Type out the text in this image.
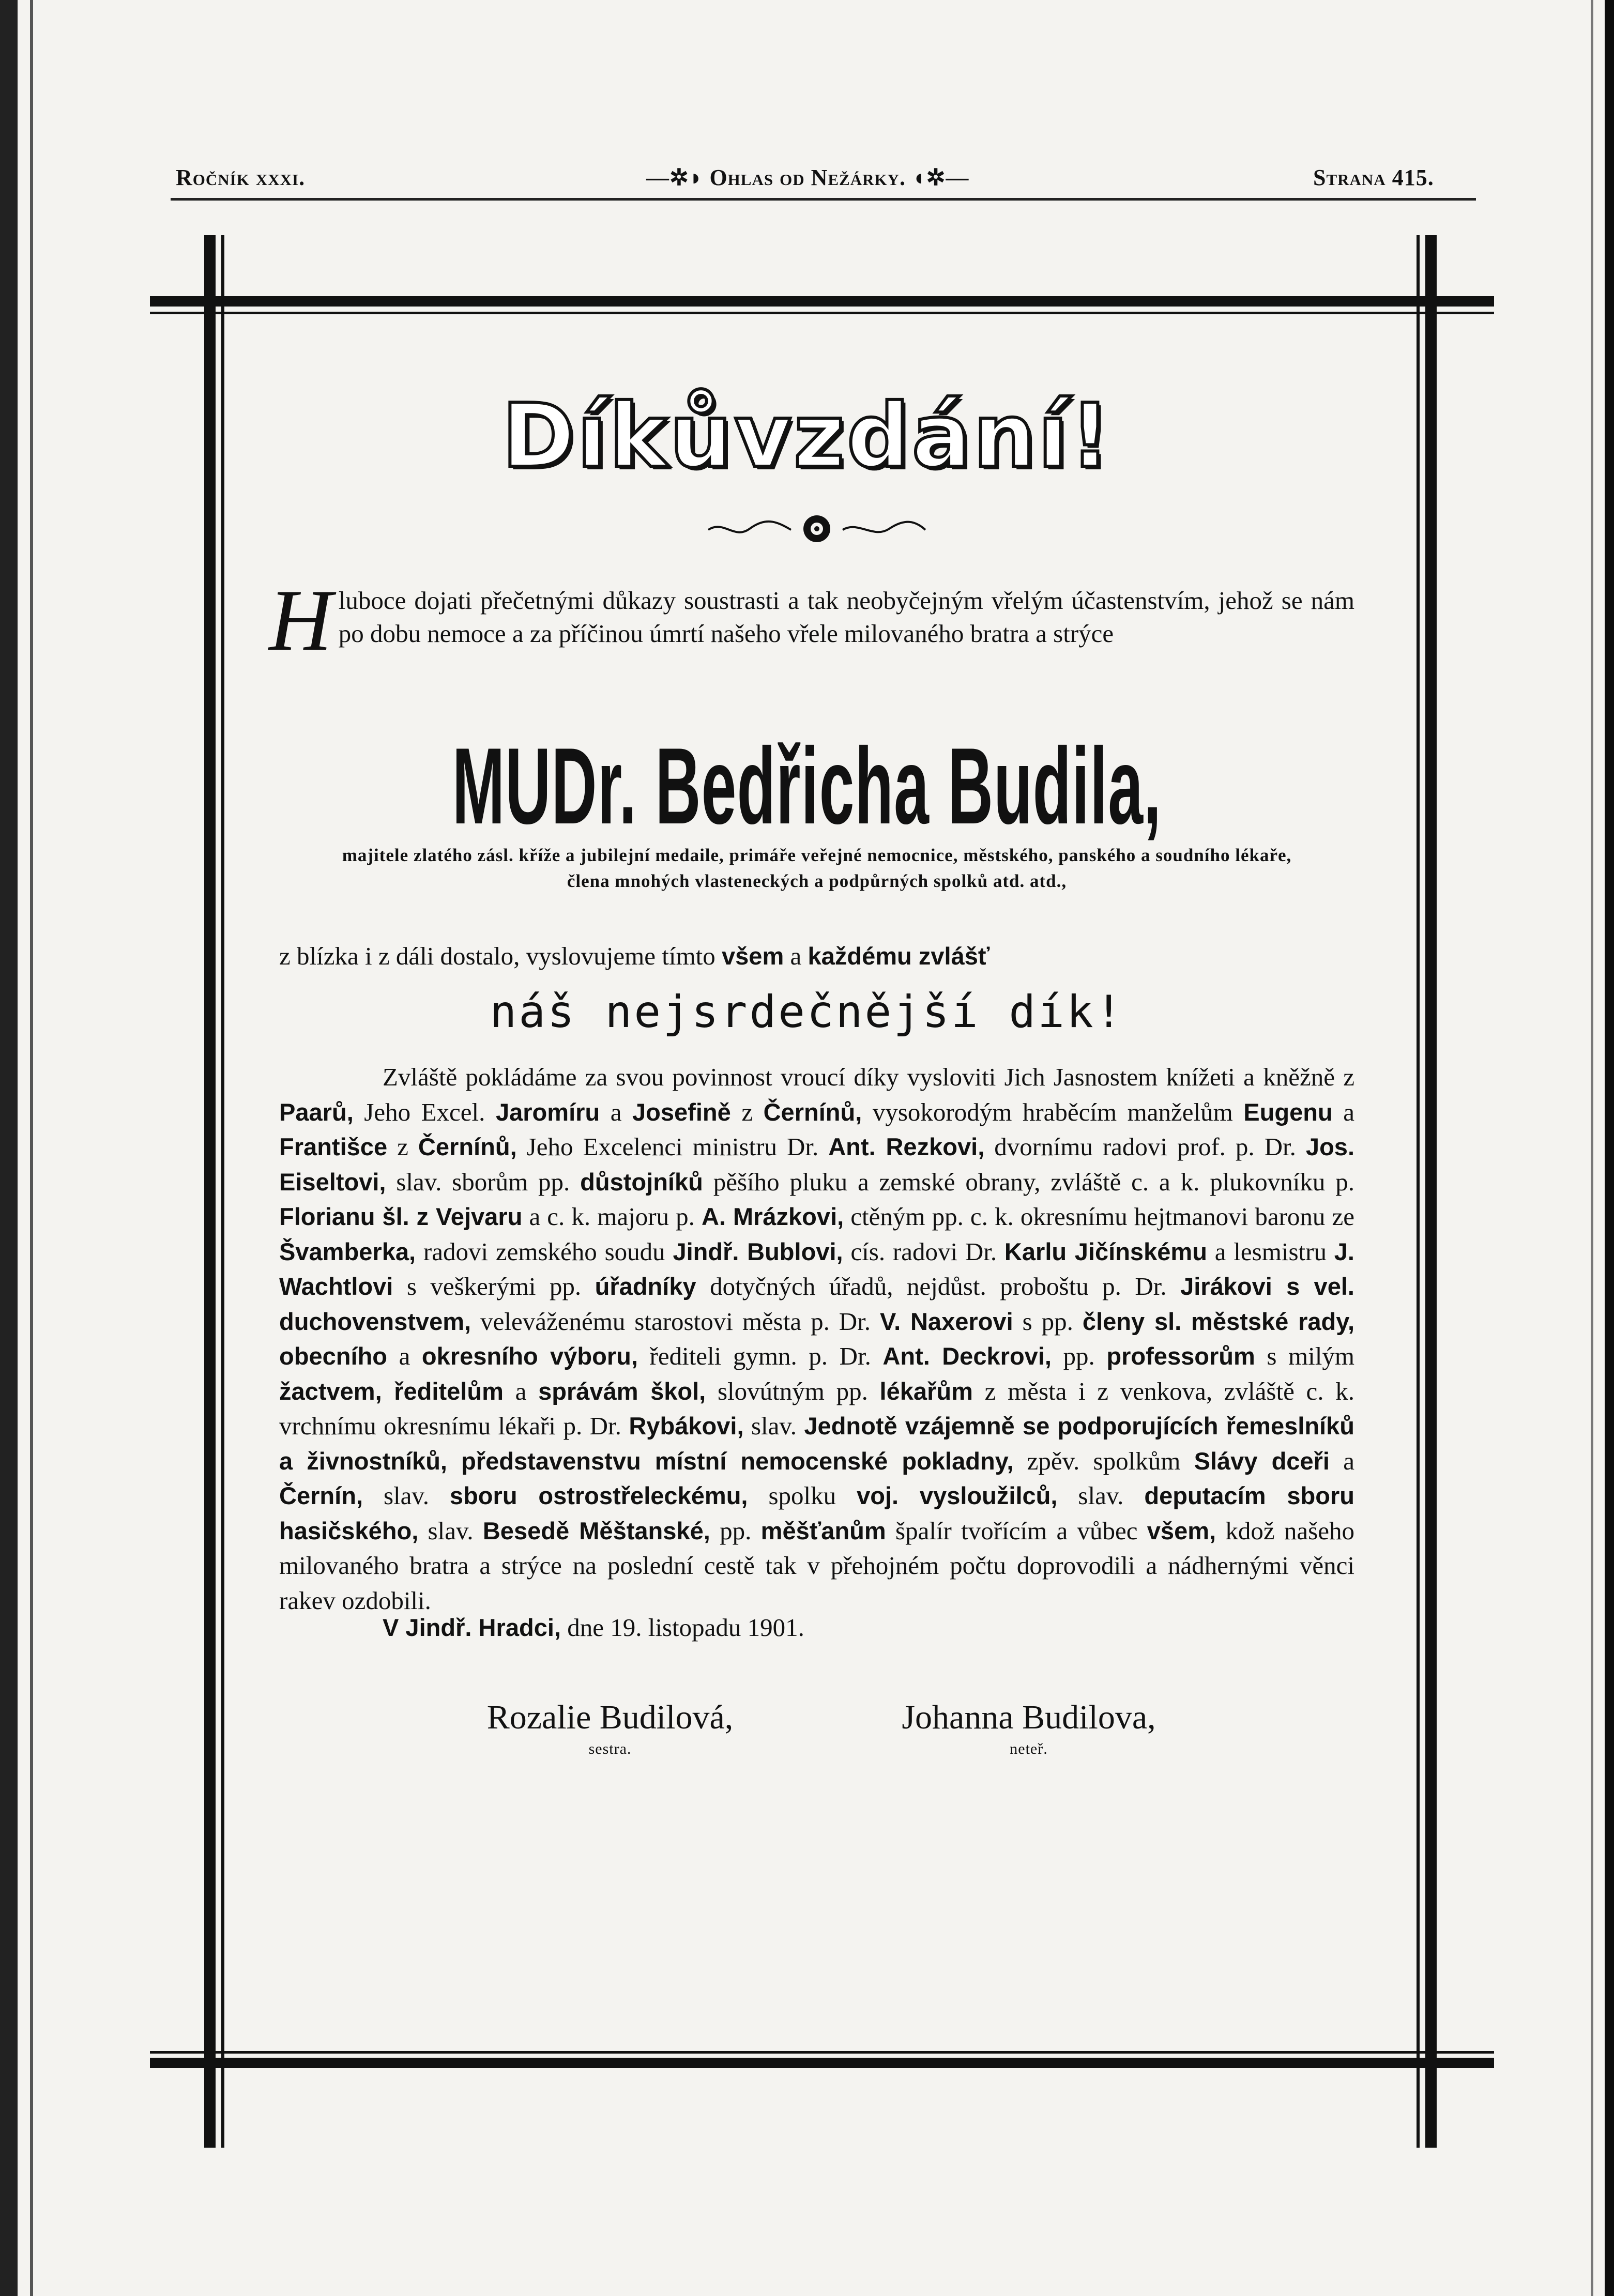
Ročník xxxi.	—✲◗ Ohlas od Nežárky. ◖✲—	Strana 415.
Díkůvzdání!
Hluboce dojati přečetnými důkazy soustrasti a tak neobyčejným vřelým účastenstvím, jehož se nám po dobu nemoce a za příčinou úmrtí našeho vřele milovaného bratra a strýce
MUDr. Bedřicha Budila,
majitele zlatého zásl. kříže a jubilejní medaile, primáře veřejné nemocnice, městského, panského a soudního lékaře,
člena mnohých vlasteneckých a podpůrných spolků atd. atd.,
z blízka i z dáli dostalo, vyslovujeme tímto všem a každému zvlášť
náš nejsrdečnější dík!
Zvláště pokládáme za svou povinnost vroucí díky vysloviti Jich Jasnostem knížeti a kněžně z Paarů, Jeho Excel. Jaromíru a Josefině z Černínů, vysokorodým hraběcím manželům Eugenu a Františce z Černínů, Jeho Excelenci ministru Dr. Ant. Rezkovi, dvornímu radovi prof. p. Dr. Jos. Eiseltovi, slav. sborům pp. důstojníků pěšího pluku a zemské obrany, zvláště c. a k. plukovníku p. Florianu šl. z Vejvaru a c. k. majoru p. A. Mrázkovi, ctěným pp. c. k. okresnímu hejtmanovi baronu ze Švamberka, radovi zemského soudu Jindř. Bublovi, cís. radovi Dr. Karlu Jičínskému a lesmistru J. Wachtlovi s veškerými pp. úřadníky dotyčných úřadů, nejdůst. proboštu p. Dr. Jirákovi s vel. duchovenstvem, veleváženému starostovi města p. Dr. V. Naxerovi s pp. členy sl. městské rady, obecního a okresního výboru, řediteli gymn. p. Dr. Ant. Deckrovi, pp. professorům s milým žactvem, ředitelům a správám škol, slovútným pp. lékařům z města i z venkova, zvláště c. k. vrchnímu okresnímu lékaři p. Dr. Rybákovi, slav. Jednotě vzájemně se podporujících řemeslníků a živnostníků, představenstvu místní nemocenské pokladny, zpěv. spolkům Slávy dceři a Černín, slav. sboru ostrostřeleckému, spolku voj. vysloužilců, slav. deputacím sboru hasičského, slav. Besedě Měštanské, pp. měšťanům špalír tvořícím a vůbec všem, kdož našeho milovaného bratra a strýce na poslední cestě tak v přehojném počtu doprovodili a nádhernými věnci rakev ozdobili.
V Jindř. Hradci, dne 19. listopadu 1901.
Rozalie Budilová,
sestra.
Johanna Budilova,
neteř.
